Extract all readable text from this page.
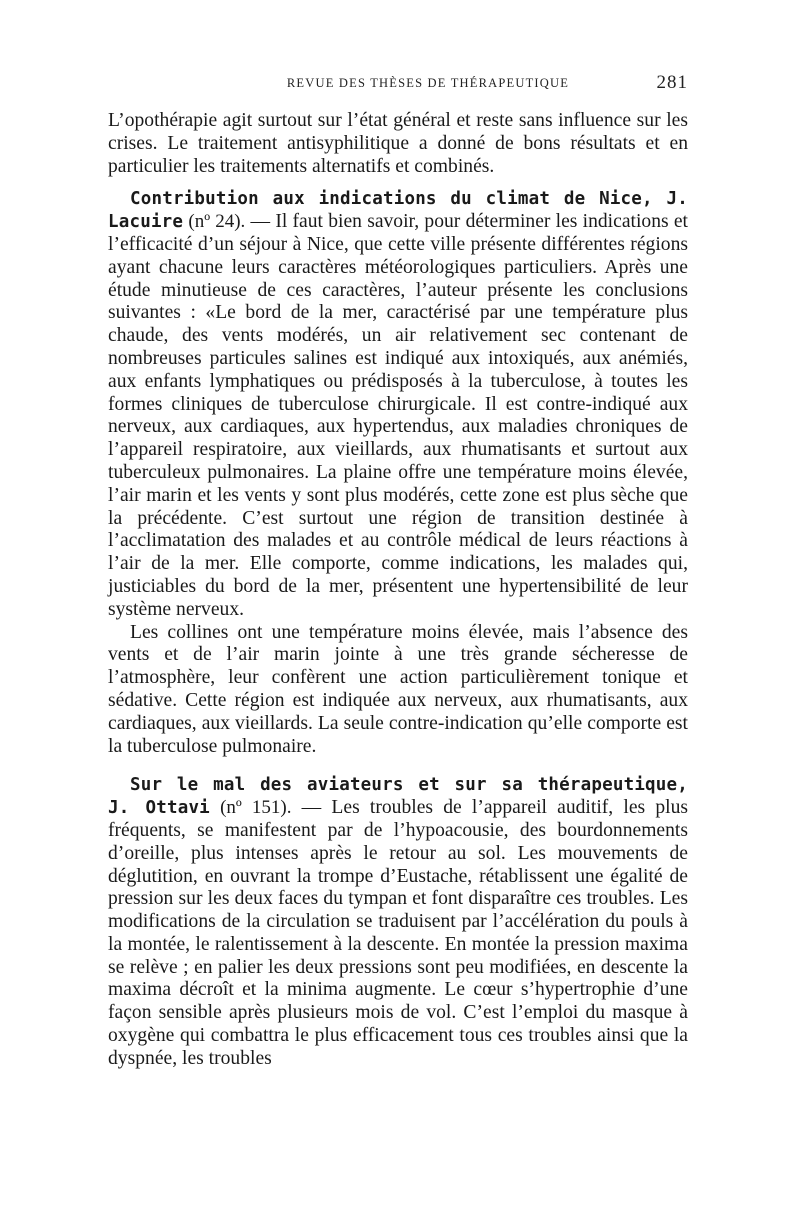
REVUE DES THÈSES DE THÉRAPEUTIQUE	281

L’opothérapie agit surtout sur l’état général et reste sans influence sur les crises. Le traitement antisyphilitique a donné de bons résultats et en particulier les traitements alternatifs et combinés.

Contribution aux indications du climat de Nice, J. Lacuire (nº 24). — Il faut bien savoir, pour déterminer les indications et l’efficacité d’un séjour à Nice, que cette ville présente différentes régions ayant chacune leurs caractères météorologiques particuliers. Après une étude minutieuse de ces caractères, l’auteur présente les conclusions suivantes : «Le bord de la mer, caractérisé par une température plus chaude, des vents modérés, un air relativement sec contenant de nombreuses particules salines est indiqué aux intoxiqués, aux anémiés, aux enfants lymphatiques ou prédisposés à la tuberculose, à toutes les formes cliniques de tuberculose chirurgicale. Il est contre-indiqué aux nerveux, aux cardiaques, aux hypertendus, aux maladies chroniques de l’appareil respiratoire, aux vieillards, aux rhumatisants et surtout aux tuberculeux pulmonaires. La plaine offre une température moins élevée, l’air marin et les vents y sont plus modérés, cette zone est plus sèche que la précédente. C’est surtout une région de transition destinée à l’acclimatation des malades et au contrôle médical de leurs réactions à l’air de la mer. Elle comporte, comme indications, les malades qui, justiciables du bord de la mer, présentent une hypertensibilité de leur système nerveux.

Les collines ont une température moins élevée, mais l’absence des vents et de l’air marin jointe à une très grande sécheresse de l’atmosphère, leur confèrent une action particulièrement tonique et sédative. Cette région est indiquée aux nerveux, aux rhumatisants, aux cardiaques, aux vieillards. La seule contre-indication qu’elle comporte est la tuberculose pulmonaire.

Sur le mal des aviateurs et sur sa thérapeutique, J. Ottavi (nº 151). — Les troubles de l’appareil auditif, les plus fréquents, se manifestent par de l’hypoacousie, des bourdonnements d’oreille, plus intenses après le retour au sol. Les mouvements de déglutition, en ouvrant la trompe d’Eustache, rétablissent une égalité de pression sur les deux faces du tympan et font disparaître ces troubles. Les modifications de la circulation se traduisent par l’accélération du pouls à la montée, le ralentissement à la descente. En montée la pression maxima se relève ; en palier les deux pressions sont peu modifiées, en descente la maxima décroît et la minima augmente. Le cœur s’hypertrophie d’une façon sensible après plusieurs mois de vol. C’est l’emploi du masque à oxygène qui combattra le plus efficacement tous ces troubles ainsi que la dyspnée, les troubles
